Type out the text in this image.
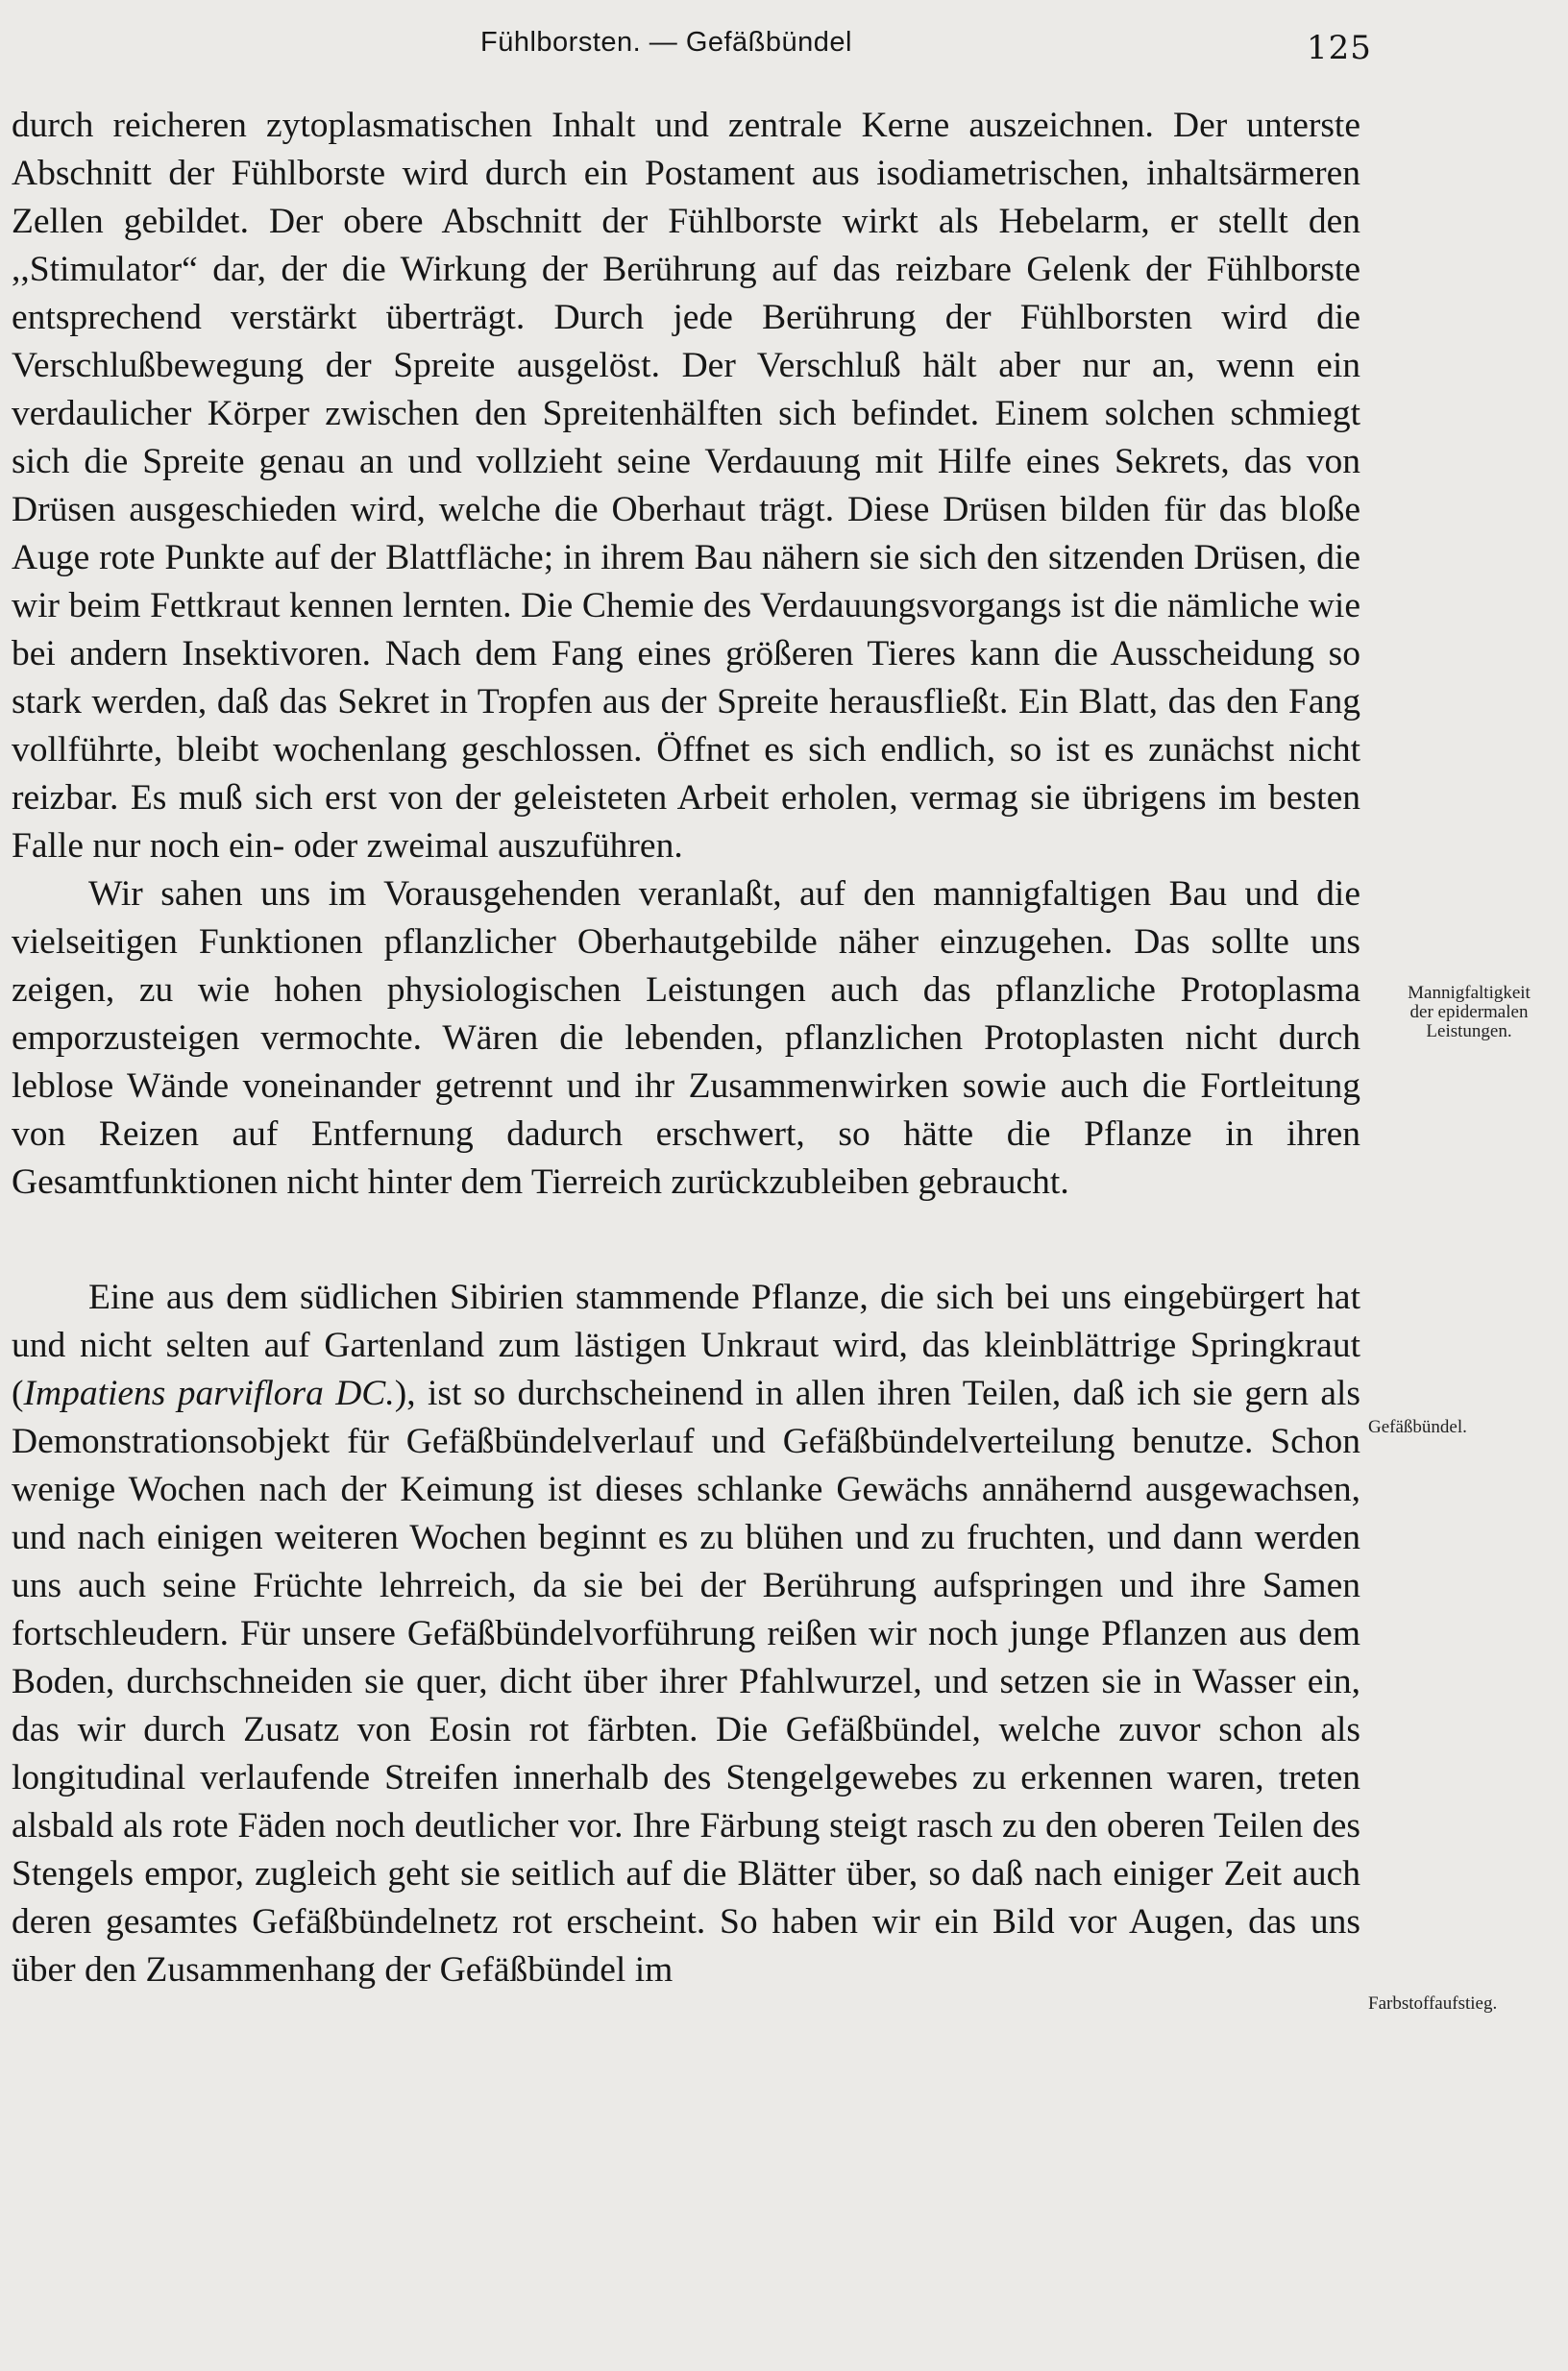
Fühlborsten. — Gefäßbündel	125

durch reicheren zytoplasmatischen Inhalt und zentrale Kerne auszeichnen. Der unterste Abschnitt der Fühlborste wird durch ein Postament aus isodiametrischen, inhaltsärmeren Zellen gebildet. Der obere Abschnitt der Fühlborste wirkt als Hebelarm, er stellt den ,,Stimulator“ dar, der die Wirkung der Berührung auf das reizbare Gelenk der Fühlborste entsprechend verstärkt überträgt. Durch jede Berührung der Fühlborsten wird die Verschlußbewegung der Spreite ausgelöst. Der Verschluß hält aber nur an, wenn ein verdaulicher Körper zwischen den Spreitenhälften sich befindet. Einem solchen schmiegt sich die Spreite genau an und vollzieht seine Verdauung mit Hilfe eines Sekrets, das von Drüsen ausgeschieden wird, welche die Oberhaut trägt. Diese Drüsen bilden für das bloße Auge rote Punkte auf der Blattfläche; in ihrem Bau nähern sie sich den sitzenden Drüsen, die wir beim Fettkraut kennen lernten. Die Chemie des Verdauungsvorgangs ist die nämliche wie bei andern Insektivoren. Nach dem Fang eines größeren Tieres kann die Ausscheidung so stark werden, daß das Sekret in Tropfen aus der Spreite herausfließt. Ein Blatt, das den Fang vollführte, bleibt wochenlang geschlossen. Öffnet es sich endlich, so ist es zunächst nicht reizbar. Es muß sich erst von der geleisteten Arbeit erholen, vermag sie übrigens im besten Falle nur noch ein- oder zweimal auszuführen.

Wir sahen uns im Vorausgehenden veranlaßt, auf den mannigfaltigen Bau und die vielseitigen Funktionen pflanzlicher Oberhautgebilde näher einzugehen. Das sollte uns zeigen, zu wie hohen physiologischen Leistungen auch das pflanzliche Protoplasma emporzusteigen vermochte. Wären die lebenden, pflanzlichen Protoplasten nicht durch leblose Wände voneinander getrennt und ihr Zusammenwirken sowie auch die Fortleitung von Reizen auf Entfernung dadurch erschwert, so hätte die Pflanze in ihren Gesamtfunktionen nicht hinter dem Tierreich zurückzubleiben gebraucht.

Eine aus dem südlichen Sibirien stammende Pflanze, die sich bei uns eingebürgert hat und nicht selten auf Gartenland zum lästigen Unkraut wird, das kleinblättrige Springkraut (Impatiens parviflora DC.), ist so durchscheinend in allen ihren Teilen, daß ich sie gern als Demonstrationsobjekt für Gefäßbündelverlauf und Gefäßbündelverteilung benutze. Schon wenige Wochen nach der Keimung ist dieses schlanke Gewächs annähernd ausgewachsen, und nach einigen weiteren Wochen beginnt es zu blühen und zu fruchten, und dann werden uns auch seine Früchte lehrreich, da sie bei der Berührung aufspringen und ihre Samen fortschleudern. Für unsere Gefäßbündelvorführung reißen wir noch junge Pflanzen aus dem Boden, durchschneiden sie quer, dicht über ihrer Pfahlwurzel, und setzen sie in Wasser ein, das wir durch Zusatz von Eosin rot färbten. Die Gefäßbündel, welche zuvor schon als longitudinal verlaufende Streifen innerhalb des Stengelgewebes zu erkennen waren, treten alsbald als rote Fäden noch deutlicher vor. Ihre Färbung steigt rasch zu den oberen Teilen des Stengels empor, zugleich geht sie seitlich auf die Blätter über, so daß nach einiger Zeit auch deren gesamtes Gefäßbündelnetz rot erscheint. So haben wir ein Bild vor Augen, das uns über den Zusammenhang der Gefäßbündel im

Mannigfaltigkeit
der epidermalen
Leistungen.
Gefäßbündel.
Farbstoffaufstieg.
